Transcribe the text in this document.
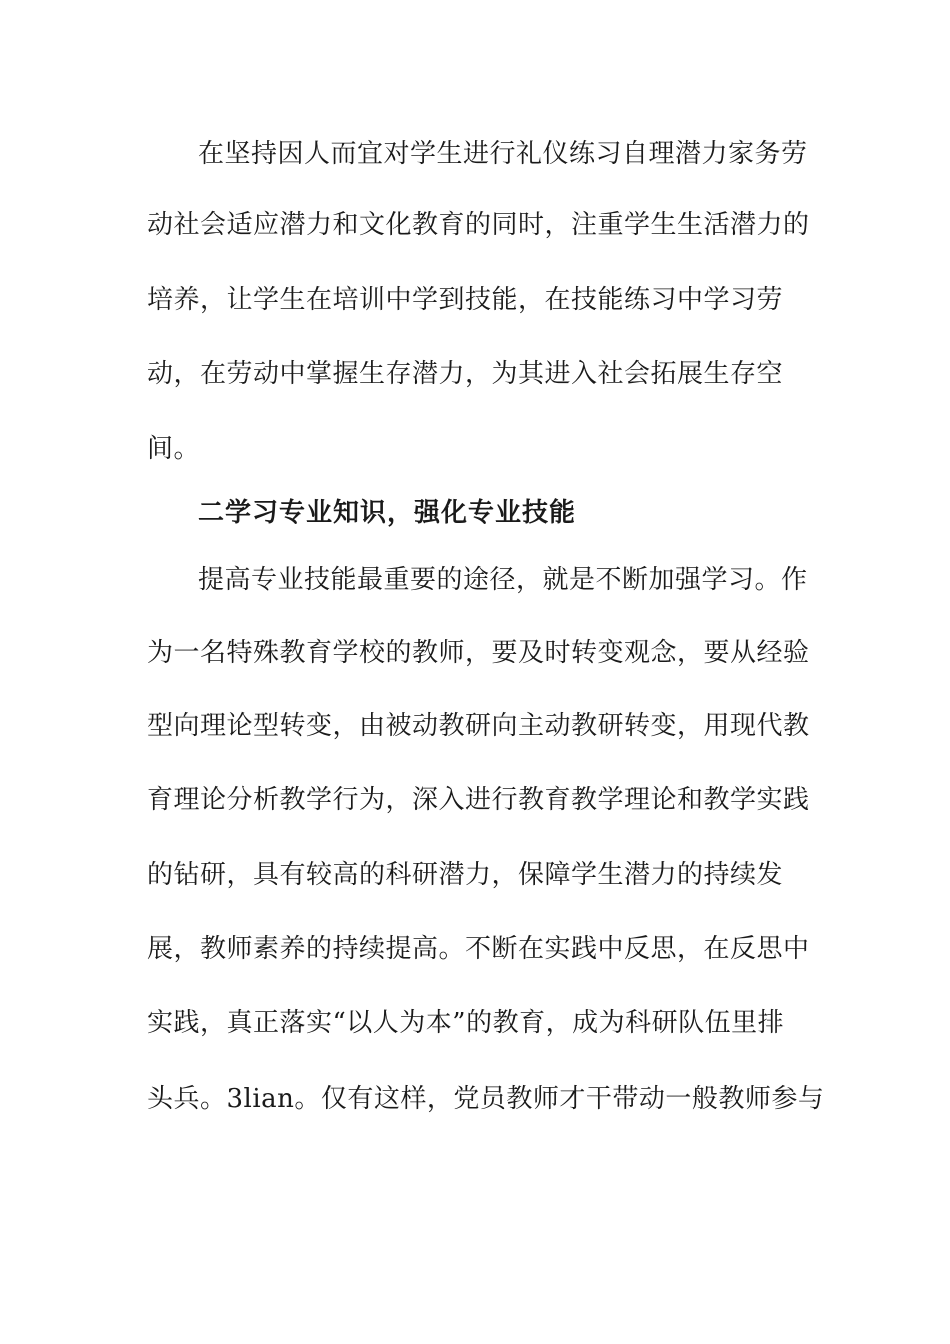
在坚持因人而宜对学生进行礼仪练习自理潜力家务劳
动社会适应潜力和文化教育的同时，注重学生生活潜力的
培养，让学生在培训中学到技能，在技能练习中学习劳
动，在劳动中掌握生存潜力，为其进入社会拓展生存空
间。
二学习专业知识，强化专业技能
提高专业技能最重要的途径，就是不断加强学习。作
为一名特殊教育学校的教师，要及时转变观念，要从经验
型向理论型转变，由被动教研向主动教研转变，用现代教
育理论分析教学行为，深入进行教育教学理论和教学实践
的钻研，具有较高的科研潜力，保障学生潜力的持续发
展，教师素养的持续提高。不断在实践中反思，在反思中
实践，真正落实“以人为本”的教育，成为科研队伍里排
头兵。3lian。仅有这样，党员教师才干带动一般教师参与
